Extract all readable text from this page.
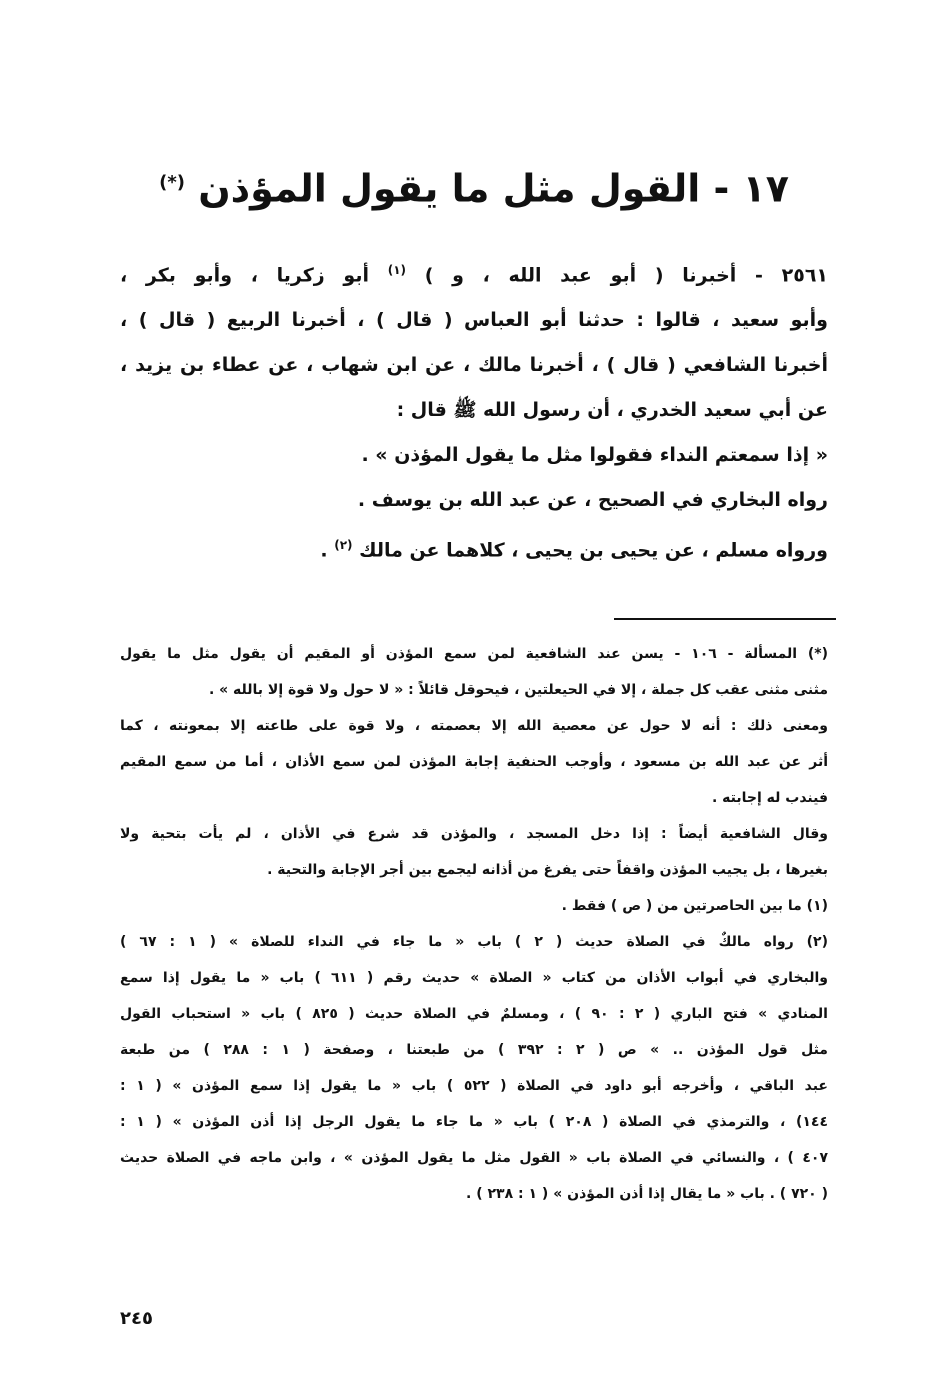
١٧ - القول مثل ما يقول المؤذن (*)

٢٥٦١ - أخبرنا ( أبو عبد الله ، و ) $^{(١)}$ أبو زكريا ، وأبو بكر ،

وأبو سعيد ، قالوا : حدثنا أبو العباس ( قال ) ، أخبرنا الربيع ( قال ) ،

أخبرنا الشافعي ( قال ) ، أخبرنا مالك ، عن ابن شهاب ، عن عطاء بن يزيد ،

عن أبي سعيد الخدري ، أن رسول الله ﷺ قال :

« إذا سمعتم النداء فقولوا مثل ما يقول المؤذن » .

رواه البخاري في الصحيح ، عن عبد الله بن يوسف .

ورواه مسلم ، عن يحيى بن يحيى ، كلاهما عن مالك $^{(٢)}$ .

(*) المسألة - ١٠٦ - يسن عند الشافعية لمن سمع المؤذن أو المقيم أن يقول مثل ما يقول

مثنى مثنى عقب كل جملة ، إلا في الحيعلتين ، فيحوقل قائلاً : « لا حول ولا قوة إلا بالله » .

ومعنى ذلك : أنه لا حول عن معصية الله إلا بعصمته ، ولا قوة على طاعته إلا بمعونته ، كما

أثر عن عبد الله بن مسعود ، وأوجب الحنفية إجابة المؤذن لمن سمع الأذان ، أما من سمع المقيم

فيندب له إجابته .

وقال الشافعية أيضاً : إذا دخل المسجد ، والمؤذن قد شرع في الأذان ، لم يأت بتحية ولا

بغيرها ، بل يجيب المؤذن واقفاً حتى يفرغ من أذانه ليجمع بين أجر الإجابة والتحية .

(١) ما بين الحاصرتين من ( ص ) فقط .

(٢) رواه مالكٌ في الصلاة حديث ( ٢ ) باب « ما جاء في النداء للصلاة » ( ١ : ٦٧ )

والبخاري في أبواب الأذان من كتاب « الصلاة » حديث رقم ( ٦١١ ) باب « ما يقول إذا سمع

المنادي » فتح الباري ( ٢ : ٩٠ ) ، ومسلمٌ في الصلاة حديث ( ٨٢٥ ) باب « استحباب القول

مثل قول المؤذن .. » ص ( ٢ : ٣٩٢ ) من طبعتنا ، وصفحة ( ١ : ٢٨٨ ) من طبعة

عبد الباقي ، وأخرجه أبو داود في الصلاة ( ٥٢٢ ) باب « ما يقول إذا سمع المؤذن » ( ١ :

١٤٤) ، والترمذي في الصلاة ( ٢٠٨ ) باب « ما جاء ما يقول الرجل إذا أذن المؤذن » ( ١ :

٤٠٧ ) ، والنسائي في الصلاة باب « القول مثل ما يقول المؤذن » ، وابن ماجه في الصلاة حديث

( ٧٢٠ ) . باب « ما يقال إذا أذن المؤذن » ( ١ : ٢٣٨ ) .

٢٤٥
